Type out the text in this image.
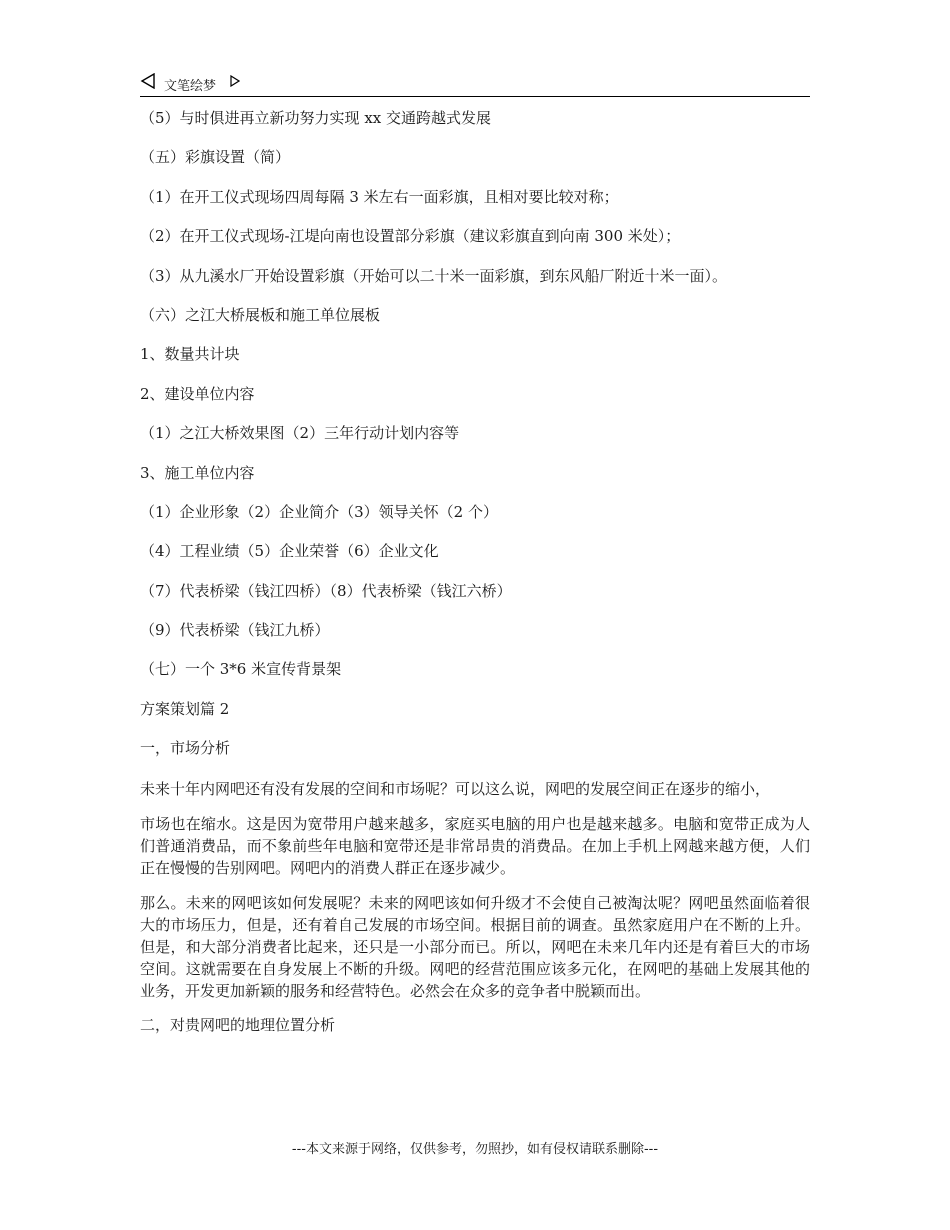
文笔绘梦

（5）与时俱进再立新功努力实现 xx 交通跨越式发展

（五）彩旗设置（简）

（1）在开工仪式现场四周每隔 3 米左右一面彩旗，且相对要比较对称；

（2）在开工仪式现场-江堤向南也设置部分彩旗（建议彩旗直到向南 300 米处）；

（3）从九溪水厂开始设置彩旗（开始可以二十米一面彩旗，到东风船厂附近十米一面）。

（六）之江大桥展板和施工单位展板

1、数量共计块

2、建设单位内容

（1）之江大桥效果图（2）三年行动计划内容等

3、施工单位内容

（1）企业形象（2）企业简介（3）领导关怀（2 个）

（4）工程业绩（5）企业荣誉（6）企业文化

（7）代表桥梁（钱江四桥）（8）代表桥梁（钱江六桥）

（9）代表桥梁（钱江九桥）

（七）一个 3*6 米宣传背景架

方案策划篇 2

一，市场分析

未来十年内网吧还有没有发展的空间和市场呢？可以这么说，网吧的发展空间正在逐步的缩小，

市场也在缩水。这是因为宽带用户越来越多，家庭买电脑的用户也是越来越多。电脑和宽带正成为人们普通消费品，而不象前些年电脑和宽带还是非常昂贵的消费品。在加上手机上网越来越方便，人们正在慢慢的告别网吧。网吧内的消费人群正在逐步减少。

那么。未来的网吧该如何发展呢？未来的网吧该如何升级才不会使自己被淘汰呢？网吧虽然面临着很大的市场压力，但是，还有着自己发展的市场空间。根据目前的调查。虽然家庭用户在不断的上升。但是，和大部分消费者比起来，还只是一小部分而已。所以，网吧在未来几年内还是有着巨大的市场空间。这就需要在自身发展上不断的升级。网吧的经营范围应该多元化，在网吧的基础上发展其他的业务，开发更加新颖的服务和经营特色。必然会在众多的竞争者中脱颖而出。

二，对贵网吧的地理位置分析

---本文来源于网络，仅供参考，勿照抄，如有侵权请联系删除---
